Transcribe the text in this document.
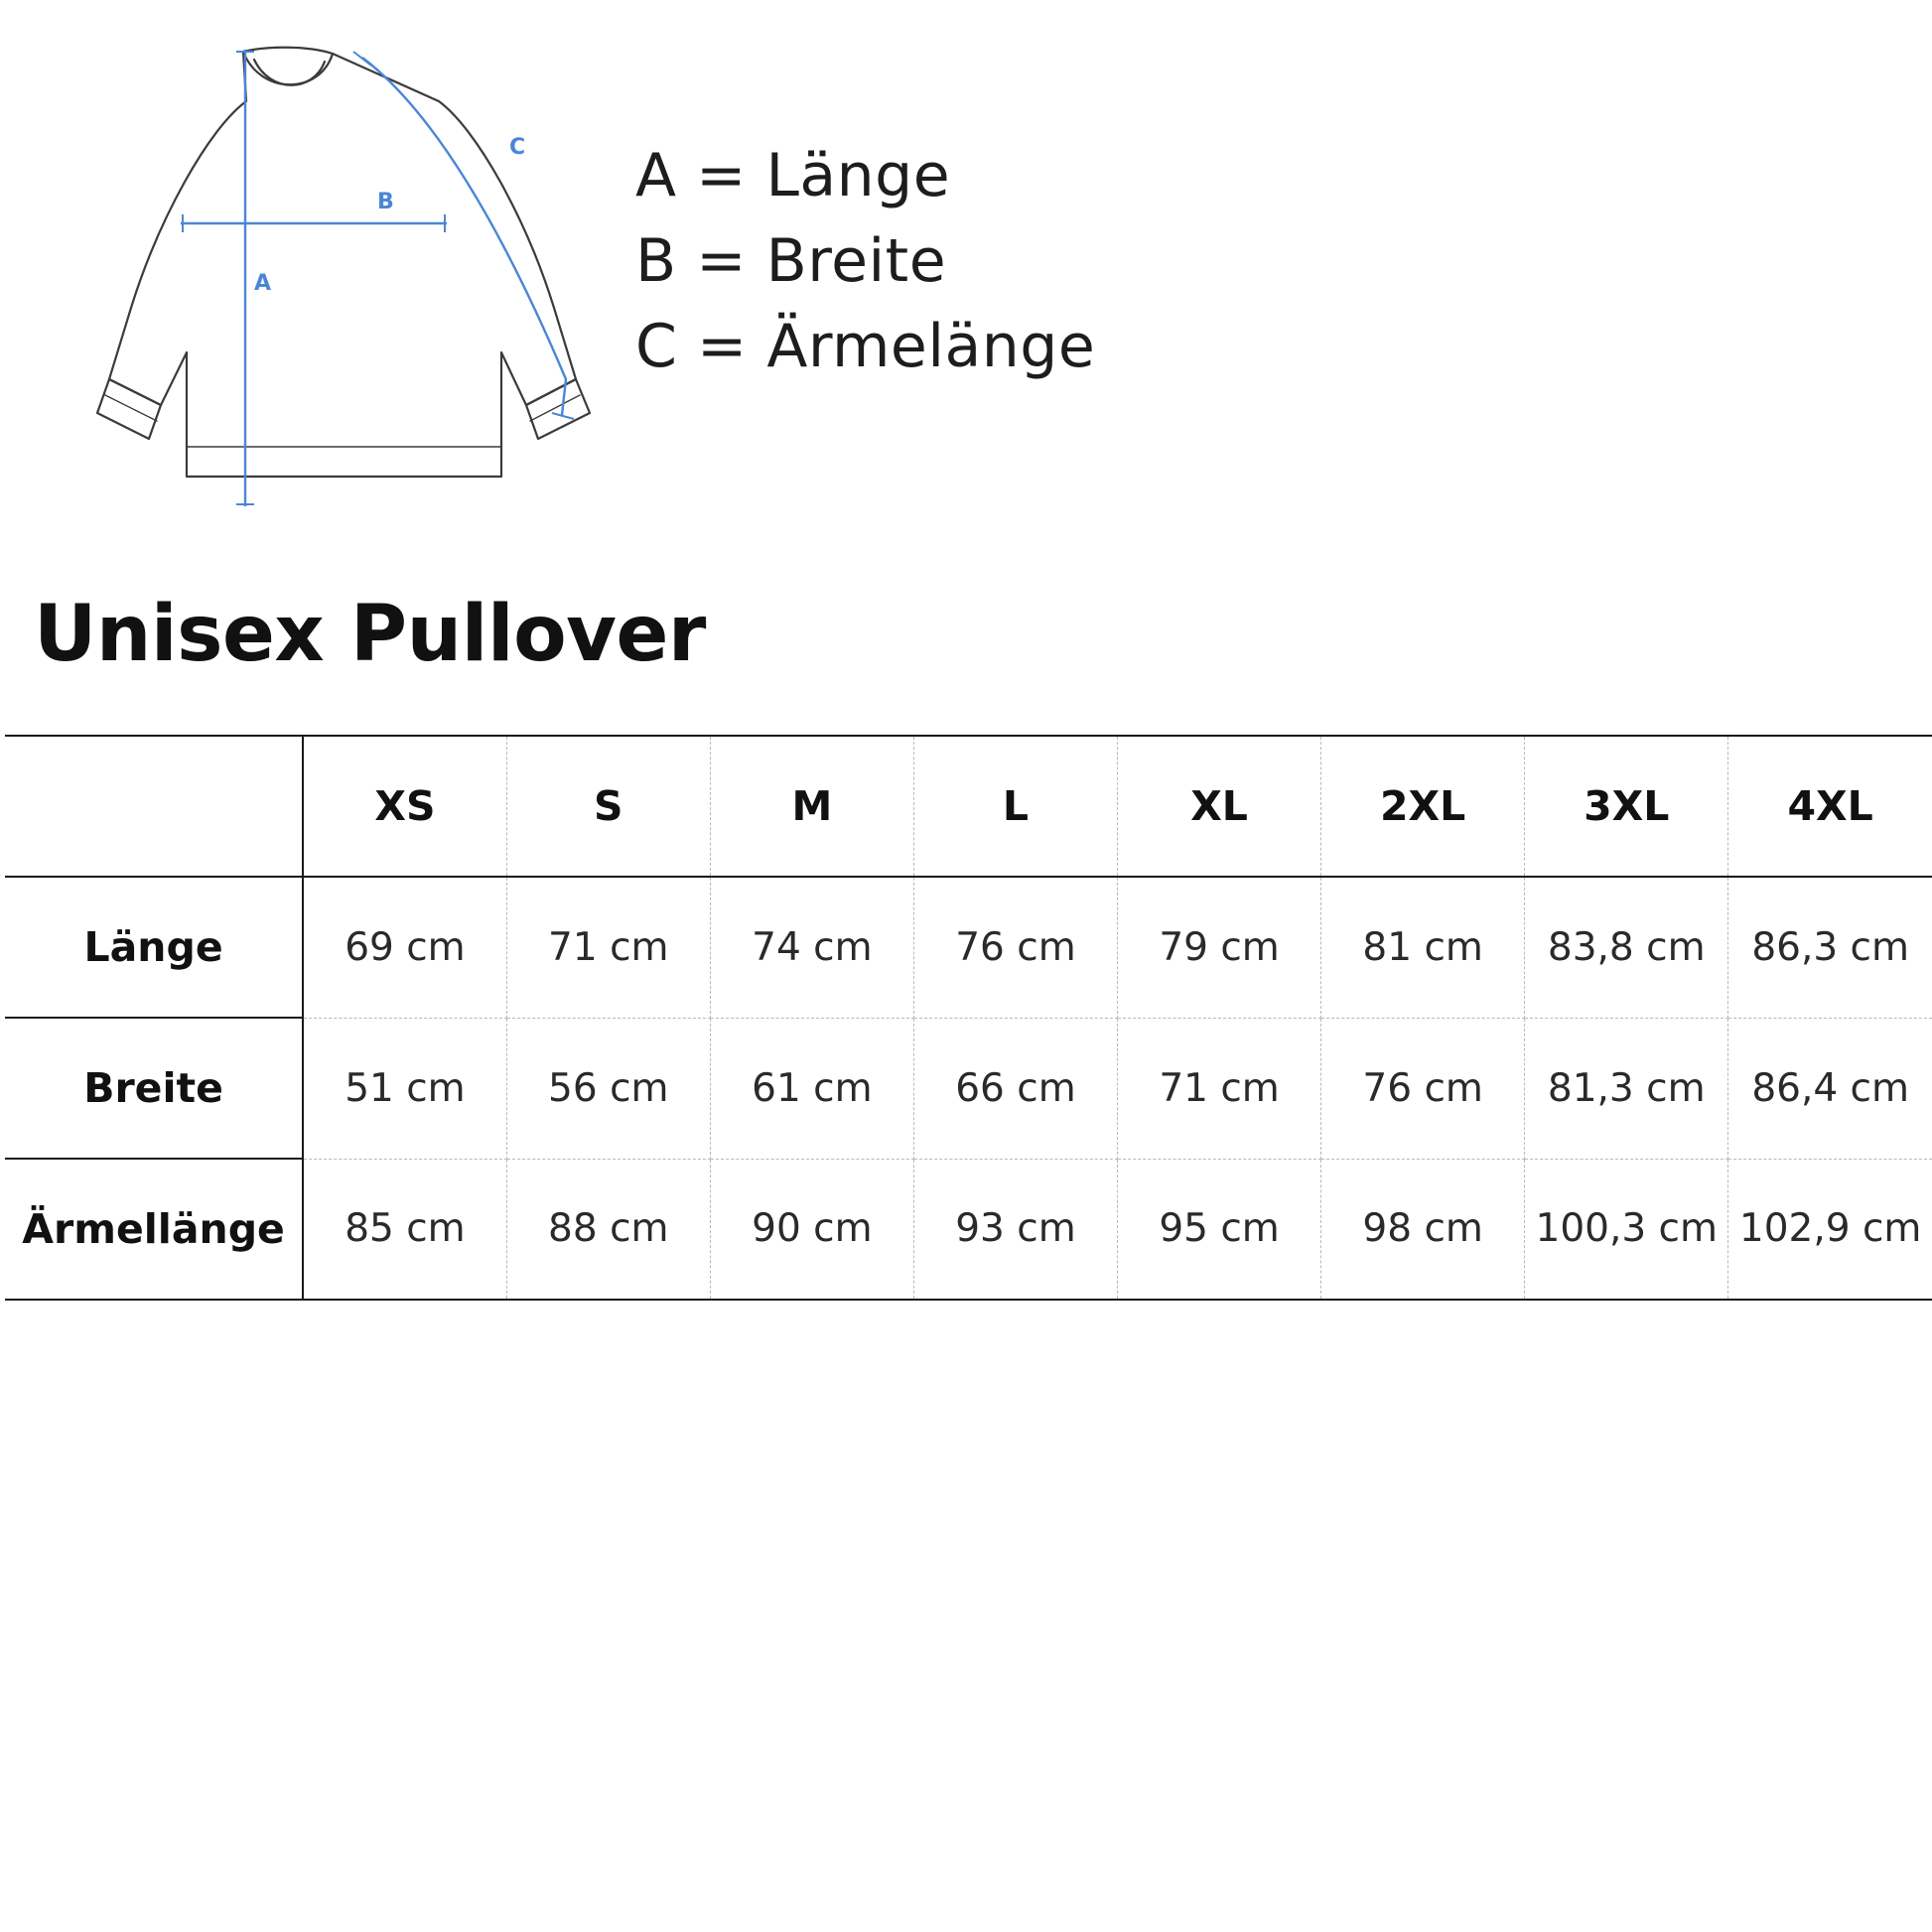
A
B
C A = Länge
B = Breite
C = Ärmelänge
Unisex Pullover
	XS	S	M	L	XL	2XL	3XL	4XL
Länge	69 cm	71 cm	74 cm	76 cm	79 cm	81 cm	83,8 cm	86,3 cm
Breite	51 cm	56 cm	61 cm	66 cm	71 cm	76 cm	81,3 cm	86,4 cm
Ärmellänge	85 cm	88 cm	90 cm	93 cm	95 cm	98 cm	100,3 cm	102,9 cm
